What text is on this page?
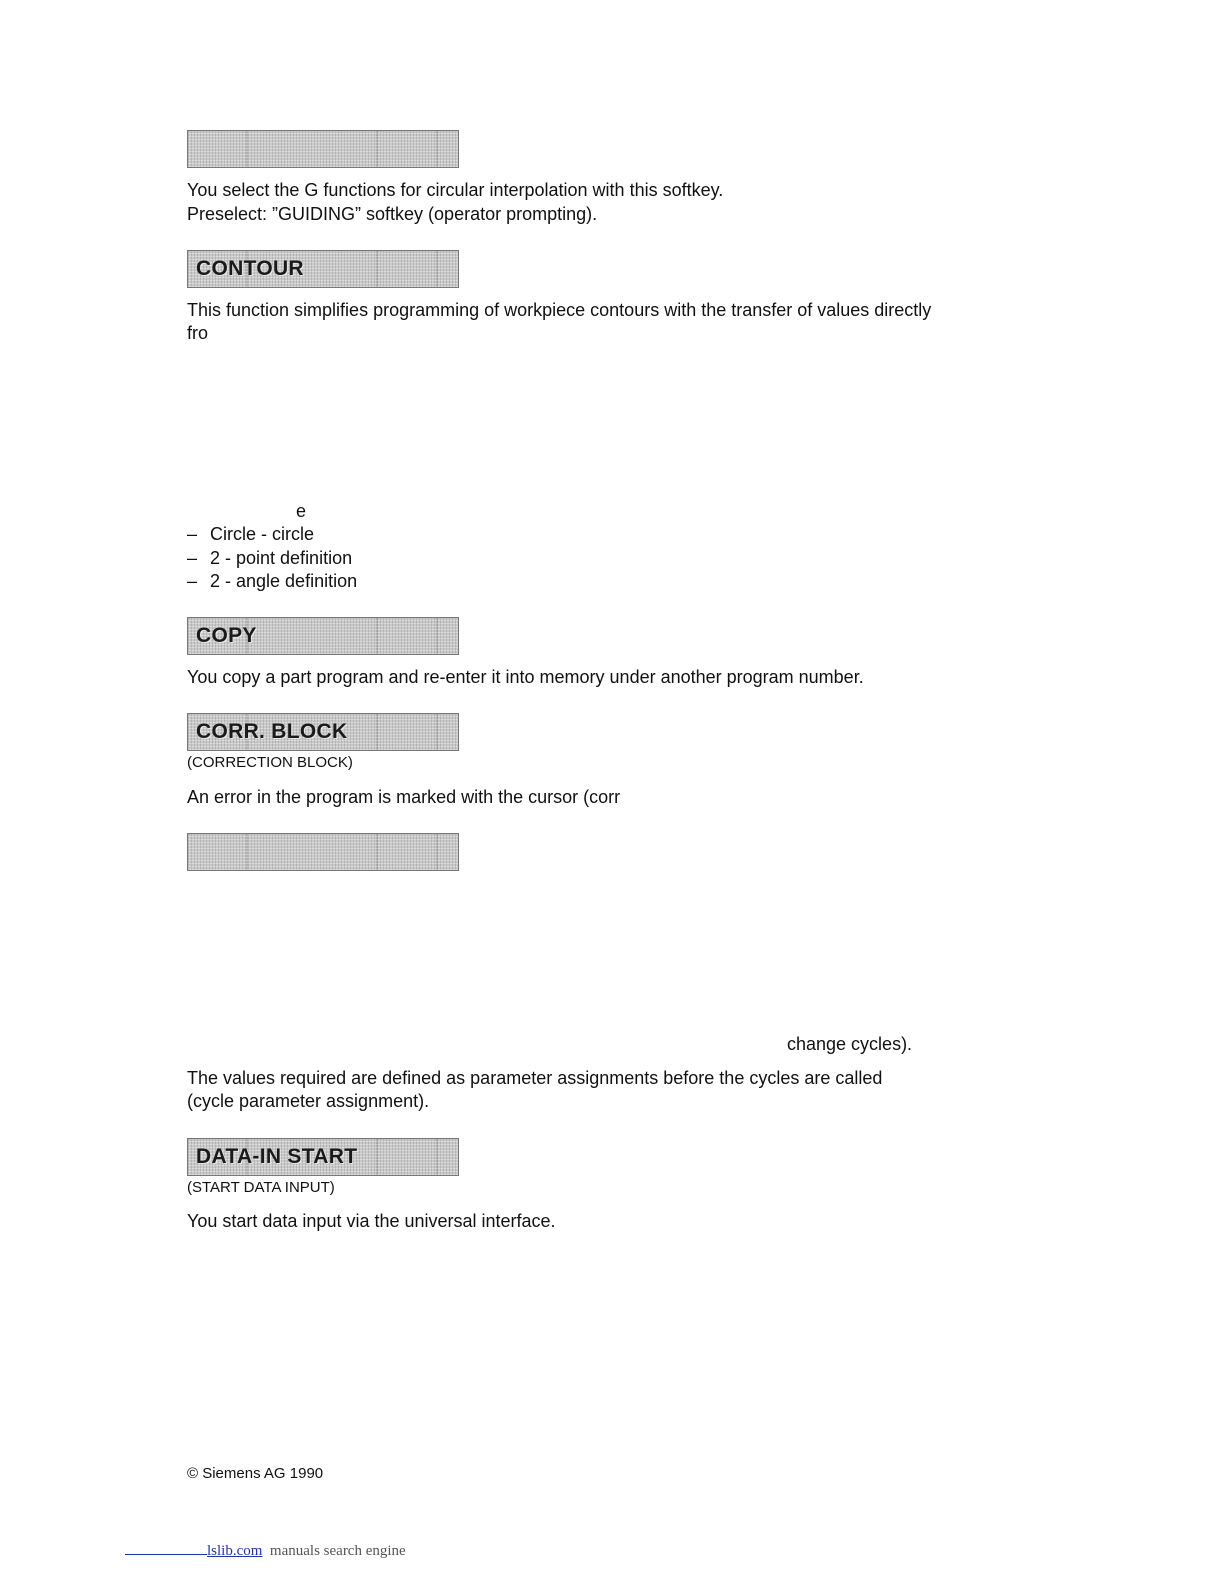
You select the G functions for circular interpolation with this softkey.
Preselect: ”GUIDING” softkey (operator prompting).
CONTOUR
This function simplifies programming of workpiece contours with the transfer of values directly
fro
e
– Circle - circle
– 2 - point definition
– 2 - angle definition
COPY
You copy a part program and re-enter it into memory under another program number.
CORR. BLOCK
(CORRECTION BLOCK)
An error in the program is marked with the cursor (corr
change cycles).
The values required are defined as parameter assignments before the cycles are called
(cycle parameter assignment).
DATA-IN START
(START DATA INPUT)
You start data input via the universal interface.
© Siemens AG 1990
lslib.com manuals search engine
